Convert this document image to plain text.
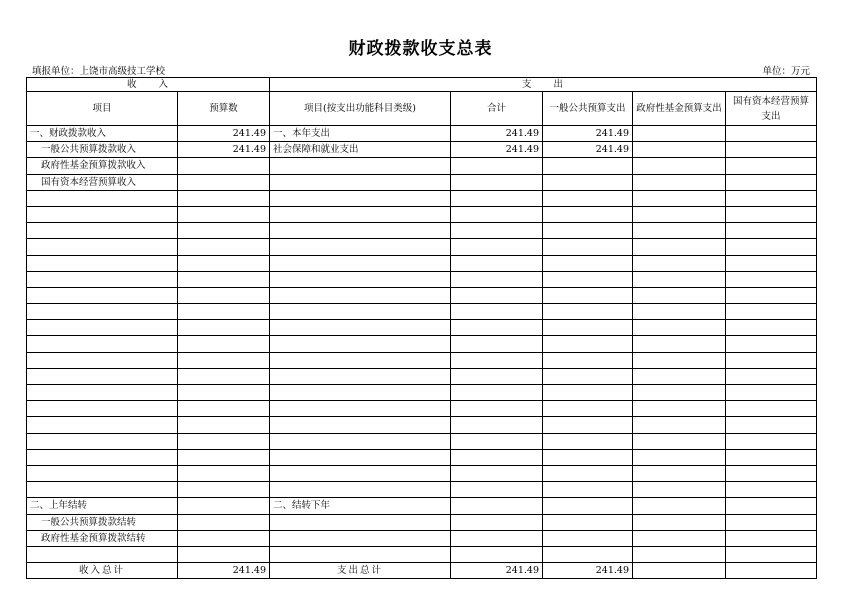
财政拨款收支总表
填报单位：上饶市高级技工学校	单位：万元
收　　入		支　　出				
项目	预算数	项目(按支出功能科目类级)	合计	一般公共预算支出	政府性基金预算支出	国有资本经营预算支出
一、财政拨款收入	241.49	一、本年支出	241.49	241.49		
一般公共预算拨款收入	241.49	社会保障和就业支出	241.49	241.49		
政府性基金预算拨款收入						
国有资本经营预算收入						

二、上年结转		二、结转下年				
一般公共预算拨款结转						
政府性基金预算拨款结转						

收入总计	241.49	支出总计	241.49	241.49		
